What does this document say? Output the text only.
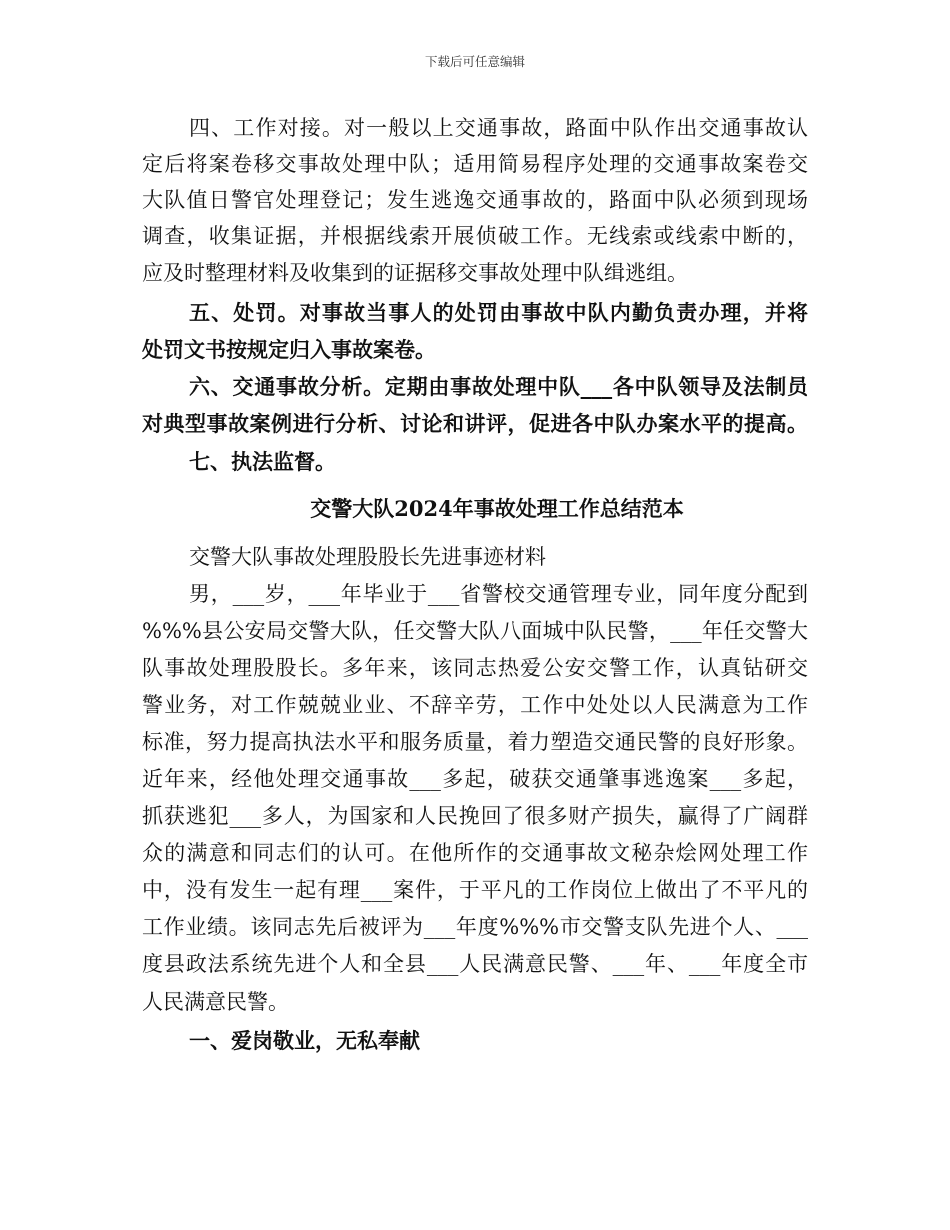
下载后可任意编辑
四、工作对接。对一般以上交通事故，路面中队作出交通事故认
定后将案卷移交事故处理中队；适用简易程序处理的交通事故案卷交
大队值日警官处理登记；发生逃逸交通事故的，路面中队必须到现场
调查，收集证据，并根据线索开展侦破工作。无线索或线索中断的，
应及时整理材料及收集到的证据移交事故处理中队缉逃组。
五、处罚。对事故当事人的处罚由事故中队内勤负责办理，并将
处罚文书按规定归入事故案卷。
六、交通事故分析。定期由事故处理中队___各中队领导及法制员
对典型事故案例进行分析、讨论和讲评，促进各中队办案水平的提高。
七、执法监督。
交警大队2024年事故处理工作总结范本
交警大队事故处理股股长先进事迹材料
男，___岁，___年毕业于___省警校交通管理专业，同年度分配到
%%%县公安局交警大队，任交警大队八面城中队民警，___年任交警大
队事故处理股股长。多年来，该同志热爱公安交警工作，认真钻研交
警业务，对工作兢兢业业、不辞辛劳，工作中处处以人民满意为工作
标准，努力提高执法水平和服务质量，着力塑造交通民警的良好形象。
近年来，经他处理交通事故___多起，破获交通肇事逃逸案___多起，
抓获逃犯___多人，为国家和人民挽回了很多财产损失，赢得了广阔群
众的满意和同志们的认可。在他所作的交通事故文秘杂烩网处理工作
中，没有发生一起有理___案件，于平凡的工作岗位上做出了不平凡的
工作业绩。该同志先后被评为___年度%%%市交警支队先进个人、___
度县政法系统先进个人和全县___人民满意民警、___年、___年度全市
人民满意民警。
一、爱岗敬业，无私奉献
